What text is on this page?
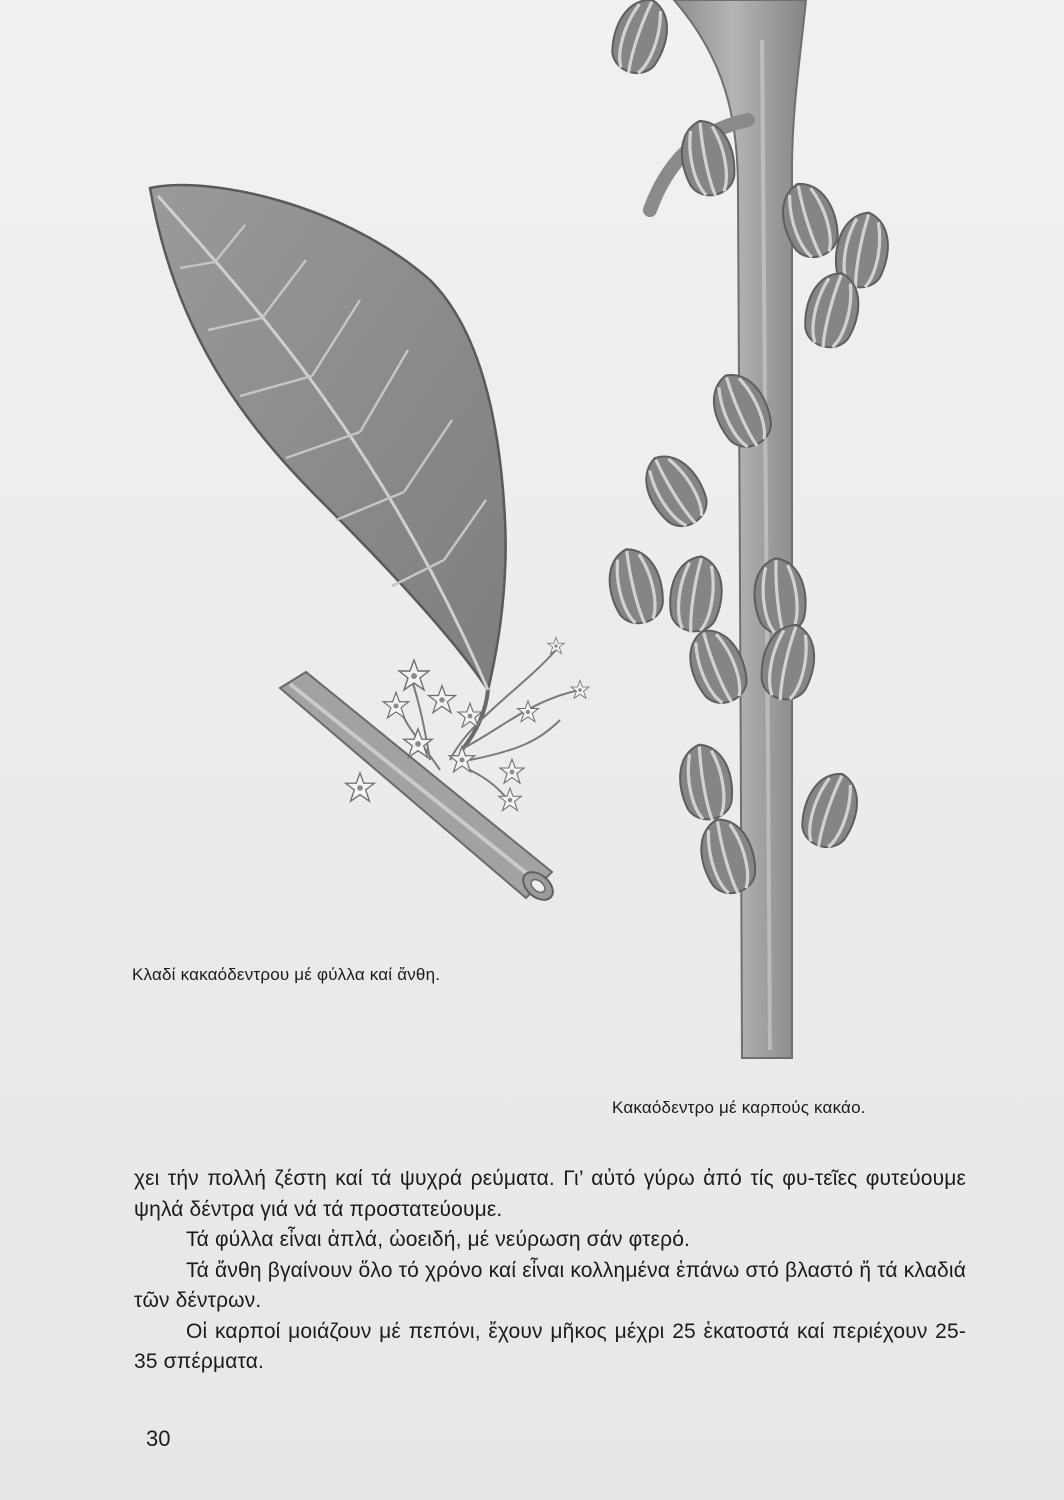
Κλαδί κακαόδεντρου μέ φύλλα καί ἄνθη.
Κακαόδεντρο μέ καρπούς κακάο.

χει τήν πολλή ζέστη καί τά ψυχρά ρεύματα. Γι’ αὐτό γύρω ἀπό τίς φυ-τεῖες φυτεύουμε ψηλά δέντρα γιά νά τά προστατεύουμε.

Τά φύλλα εἶναι ἁπλά, ὠοειδή, μέ νεύρωση σάν φτερό.

Τά ἄνθη βγαίνουν ὅλο τό χρόνο καί εἶναι κολλημένα ἐπάνω στό βλαστό ἤ τά κλαδιά τῶν δέντρων.

Οἱ καρποί μοιάζουν μέ πεπόνι, ἔχουν μῆκος μέχρι 25 ἑκατοστά καί περιέχουν 25-35 σπέρματα.

30
